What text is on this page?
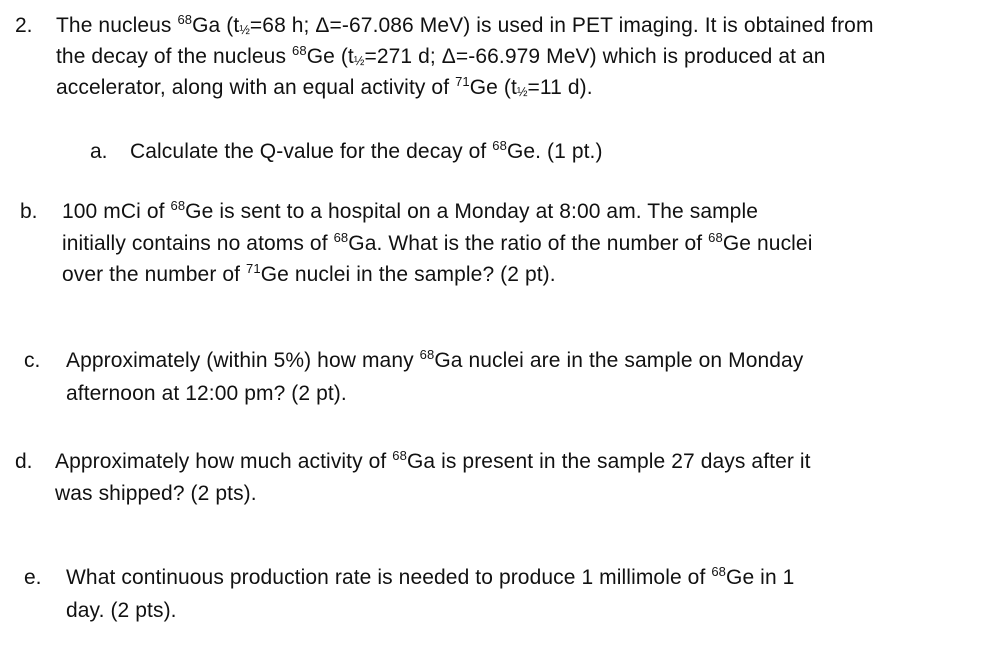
2. The nucleus $^{68}$Ga (t½=68 h; Δ=-67.086 MeV) is used in PET imaging. It is obtained from
the decay of the nucleus $^{68}$Ge (t½=271 d; Δ=-66.979 MeV) which is produced at an
accelerator, along with an equal activity of $^{71}$Ge (t½=11 d).
a. Calculate the Q-value for the decay of $^{68}$Ge. (1 pt.)
b. 100 mCi of $^{68}$Ge is sent to a hospital on a Monday at 8:00 am. The sample
initially contains no atoms of $^{68}$Ga. What is the ratio of the number of $^{68}$Ge nuclei
over the number of $^{71}$Ge nuclei in the sample? (2 pt).
c. Approximately (within 5%) how many $^{68}$Ga nuclei are in the sample on Monday
afternoon at 12:00 pm? (2 pt).
d. Approximately how much activity of $^{68}$Ga is present in the sample 27 days after it
was shipped? (2 pts).
e. What continuous production rate is needed to produce 1 millimole of $^{68}$Ge in 1
day. (2 pts).
